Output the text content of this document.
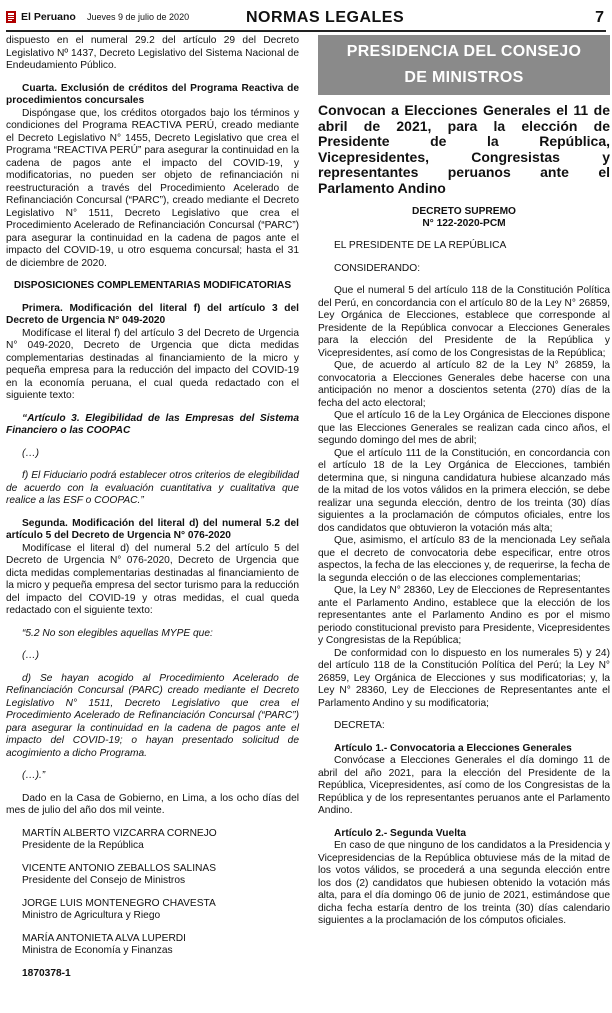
El Peruano Jueves 9 de julio de 2020	NORMAS LEGALES	7

dispuesto en el numeral 29.2 del artículo 29 del Decreto Legislativo Nº 1437, Decreto Legislativo del Sistema Nacional de Endeudamiento Público.

Cuarta. Exclusión de créditos del Programa Reactiva de procedimientos concursales

Dispóngase que, los créditos otorgados bajo los términos y condiciones del Programa REACTIVA PERÚ, creado mediante el Decreto Legislativo N° 1455, Decreto Legislativo que crea el Programa “REACTIVA PERÚ” para asegurar la continuidad en la cadena de pagos ante el impacto del COVID-19, y modificatorias, no pueden ser objeto de refinanciación ni reestructuración a través del Procedimiento Acelerado de Refinanciación Concursal (“PARC”), creado mediante el Decreto Legislativo N° 1511, Decreto Legislativo que crea el Procedimiento Acelerado de Refinanciación Concursal (“PARC”) para asegurar la continuidad en la cadena de pagos ante el impacto del COVID-19, u otro esquema concursal; hasta el 31 de diciembre de 2020.

DISPOSICIONES COMPLEMENTARIAS MODIFICATORIAS

Primera. Modificación del literal f) del artículo 3 del Decreto de Urgencia N° 049-2020

Modifícase el literal f) del artículo 3 del Decreto de Urgencia N° 049-2020, Decreto de Urgencia que dicta medidas complementarias destinadas al financiamiento de la micro y pequeña empresa para la reducción del impacto del COVID-19 en la economía peruana, el cual queda redactado con el siguiente texto:

“Artículo 3. Elegibilidad de las Empresas del Sistema Financiero o las COOPAC

(…)

f) El Fiduciario podrá establecer otros criterios de elegibilidad de acuerdo con la evaluación cuantitativa y cualitativa que realice a las ESF o COOPAC.”

Segunda. Modificación del literal d) del numeral 5.2 del artículo 5 del Decreto de Urgencia N° 076-2020

Modifícase el literal d) del numeral 5.2 del artículo 5 del Decreto de Urgencia N° 076-2020, Decreto de Urgencia que dicta medidas complementarias destinadas al financiamiento de la micro y pequeña empresa del sector turismo para la reducción del impacto del COVID-19 y otras medidas, el cual queda redactado con el siguiente texto:

“5.2 No son elegibles aquellas MYPE que:

(…)

d) Se hayan acogido al Procedimiento Acelerado de Refinanciación Concursal (PARC) creado mediante el Decreto Legislativo N° 1511, Decreto Legislativo que crea el Procedimiento Acelerado de Refinanciación Concursal (“PARC”) para asegurar la continuidad en la cadena de pagos ante el impacto del COVID-19; o hayan presentado solicitud de acogimiento a dicho Programa.

(…).”

Dado en la Casa de Gobierno, en Lima, a los ocho días del mes de julio del año dos mil veinte.

MARTÍN ALBERTO VIZCARRA CORNEJO
Presidente de la República
VICENTE ANTONIO ZEBALLOS SALINAS
Presidente del Consejo de Ministros
JORGE LUIS MONTENEGRO CHAVESTA
Ministro de Agricultura y Riego
MARÍA ANTONIETA ALVA LUPERDI
Ministra de Economía y Finanzas

1870378-1

PRESIDENCIA DEL CONSEJO
DE MINISTROS

Convocan a Elecciones Generales el 11 de abril de 2021, para la elección de Presidente de la República, Vicepresidentes, Congresistas y representantes peruanos ante el Parlamento Andino

DECRETO SUPREMO
N° 122-2020-PCM

EL PRESIDENTE DE LA REPÚBLICA

CONSIDERANDO:

Que el numeral 5 del artículo 118 de la Constitución Política del Perú, en concordancia con el artículo 80 de la Ley N° 26859, Ley Orgánica de Elecciones, establece que corresponde al Presidente de la República convocar a Elecciones Generales para la elección del Presidente de la República y Vicepresidentes, así como de los Congresistas de la República;

Que, de acuerdo al artículo 82 de la Ley N° 26859, la convocatoria a Elecciones Generales debe hacerse con una anticipación no menor a doscientos setenta (270) días de la fecha del acto electoral;

Que el artículo 16 de la Ley Orgánica de Elecciones dispone que las Elecciones Generales se realizan cada cinco años, el segundo domingo del mes de abril;

Que el artículo 111 de la Constitución, en concordancia con el artículo 18 de la Ley Orgánica de Elecciones, también determina que, si ninguna candidatura hubiese alcanzado más de la mitad de los votos válidos en la primera elección, se debe realizar una segunda elección, dentro de los treinta (30) días siguientes a la proclamación de cómputos oficiales, entre los dos candidatos que obtuvieron la votación más alta;

Que, asimismo, el artículo 83 de la mencionada Ley señala que el decreto de convocatoria debe especificar, entre otros aspectos, la fecha de las elecciones y, de requerirse, la fecha de la segunda elección o de las elecciones complementarias;

Que, la Ley N° 28360, Ley de Elecciones de Representantes ante el Parlamento Andino, establece que la elección de los representantes ante el Parlamento Andino es por el mismo periodo constitucional previsto para Presidente, Vicepresidentes y Congresistas de la República;

De conformidad con lo dispuesto en los numerales 5) y 24) del artículo 118 de la Constitución Política del Perú; la Ley N° 26859, Ley Orgánica de Elecciones y sus modificatorias; y, la Ley N° 28360, Ley de Elecciones de Representantes ante el Parlamento Andino y su modificatoria;

DECRETA:

Artículo 1.- Convocatoria a Elecciones Generales

Convócase a Elecciones Generales el día domingo 11 de abril del año 2021, para la elección del Presidente de la República, Vicepresidentes, así como de los Congresistas de la República y de los representantes peruanos ante el Parlamento Andino.

Artículo 2.- Segunda Vuelta

En caso de que ninguno de los candidatos a la Presidencia y Vicepresidencias de la República obtuviese más de la mitad de los votos válidos, se procederá a una segunda elección entre los dos (2) candidatos que hubiesen obtenido la votación más alta, para el día domingo 06 de junio de 2021, estimándose que dicha fecha estaría dentro de los treinta (30) días calendario siguientes a la proclamación de los cómputos oficiales.
